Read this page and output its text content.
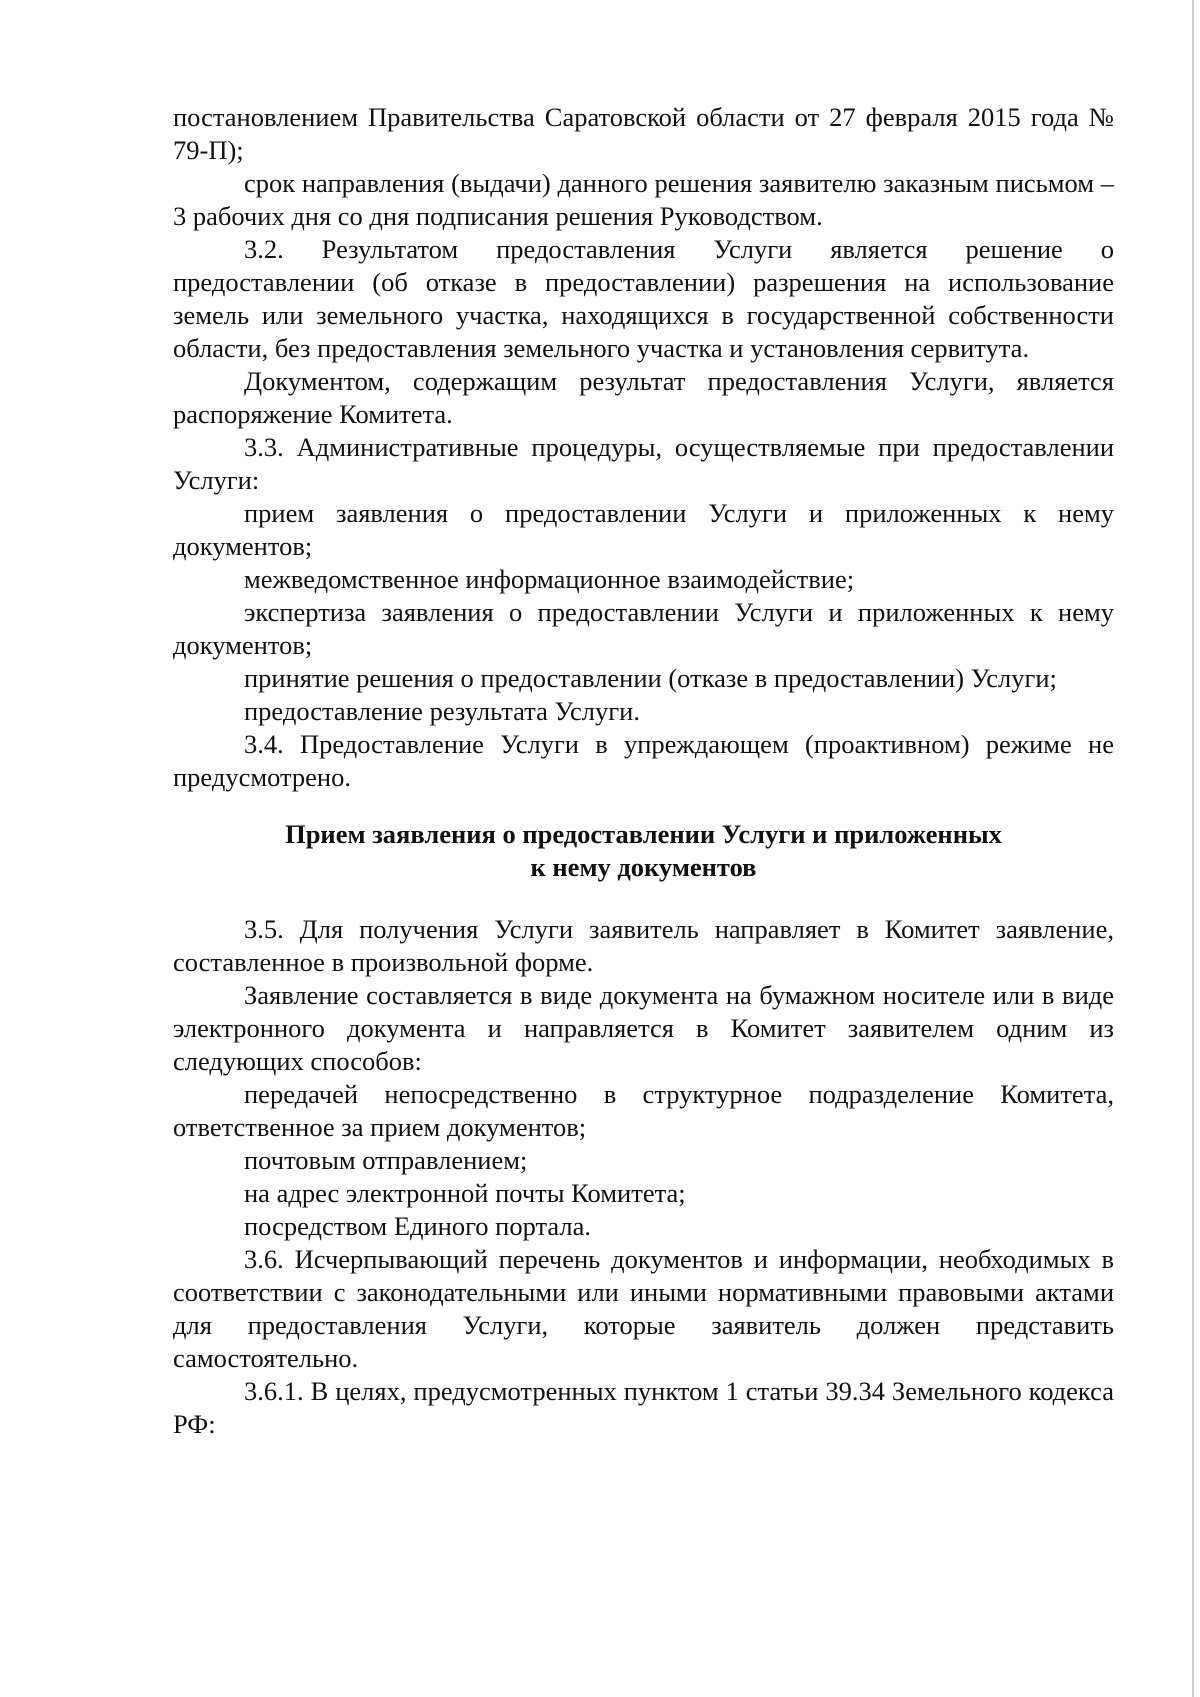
постановлением Правительства Саратовской области от 27 февраля 2015 года № 79-П);

срок направления (выдачи) данного решения заявителю заказным письмом – 3 рабочих дня со дня подписания решения Руководством.

3.2. Результатом предоставления Услуги является решение о предоставлении (об отказе в предоставлении) разрешения на использование земель или земельного участка, находящихся в государственной собственности области, без предоставления земельного участка и установления сервитута.

Документом, содержащим результат предоставления Услуги, является распоряжение Комитета.

3.3. Административные процедуры, осуществляемые при предоставлении Услуги:

прием заявления о предоставлении Услуги и приложенных к нему документов;

межведомственное информационное взаимодействие;

экспертиза заявления о предоставлении Услуги и приложенных к нему документов;

принятие решения о предоставлении (отказе в предоставлении) Услуги;

предоставление результата Услуги.

3.4. Предоставление Услуги в упреждающем (проактивном) режиме не предусмотрено.

Прием заявления о предоставлении Услуги и приложенных
к нему документов

3.5. Для получения Услуги заявитель направляет в Комитет заявление, составленное в произвольной форме.

Заявление составляется в виде документа на бумажном носителе или в виде электронного документа и направляется в Комитет заявителем одним из следующих способов:

передачей непосредственно в структурное подразделение Комитета, ответственное за прием документов;

почтовым отправлением;

на адрес электронной почты Комитета;

посредством Единого портала.

3.6. Исчерпывающий перечень документов и информации, необходимых в соответствии с законодательными или иными нормативными правовыми актами для предоставления Услуги, которые заявитель должен представить самостоятельно.

3.6.1. В целях, предусмотренных пунктом 1 статьи 39.34 Земельного кодекса РФ:
